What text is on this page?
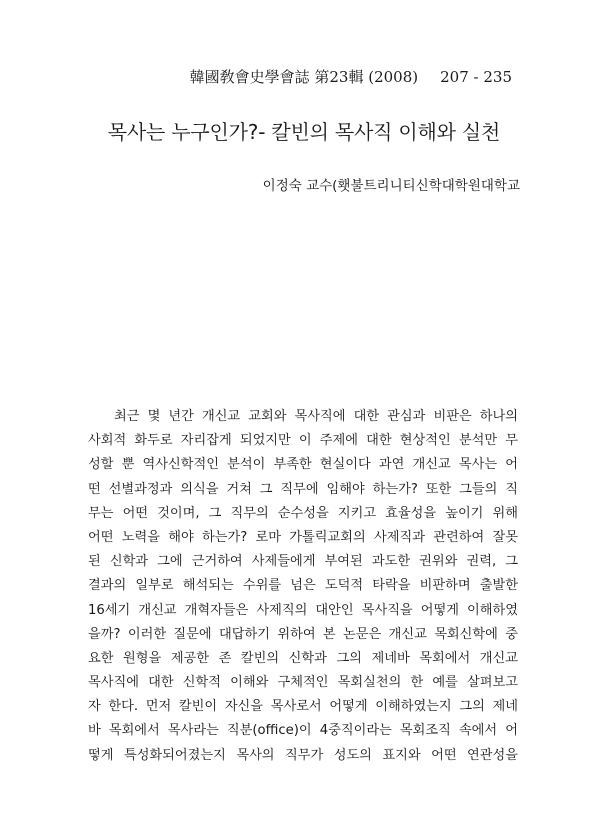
韓國敎會史學會誌 第23輯 (2008) 207 - 235
목사는 누구인가?- 칼빈의 목사직 이해와 실천
이정숙 교수(횃불트리니티신학대학원대학교
최근 몇 년간 개신교 교회와 목사직에 대한 관심과 비판은 하나의
사회적 화두로 자리잡게 되었지만 이 주제에 대한 현상적인 분석만 무
성할 뿐 역사신학적인 분석이 부족한 현실이다 과연 개신교 목사는 어
떤 선별과정과 의식을 거쳐 그 직무에 임해야 하는가? 또한 그들의 직
무는 어떤 것이며, 그 직무의 순수성을 지키고 효율성을 높이기 위해
어떤 노력을 해야 하는가? 로마 가톨릭교회의 사제직과 관련하여 잘못
된 신학과 그에 근거하여 사제들에게 부여된 과도한 권위와 권력, 그
결과의 일부로 해석되는 수위를 넘은 도덕적 타락을 비판하며 출발한
16세기 개신교 개혁자들은 사제직의 대안인 목사직을 어떻게 이해하였
을까? 이러한 질문에 대답하기 위하여 본 논문은 개신교 목회신학에 중
요한 원형을 제공한 존 칼빈의 신학과 그의 제네바 목회에서 개신교
목사직에 대한 신학적 이해와 구체적인 목회실천의 한 예를 살펴보고
자 한다. 먼저 칼빈이 자신을 목사로서 어떻게 이해하였는지 그의 제네
바 목회에서 목사라는 직분(office)이 4중직이라는 목회조직 속에서 어
떻게 특성화되어졌는지 목사의 직무가 성도의 표지와 어떤 연관성을
